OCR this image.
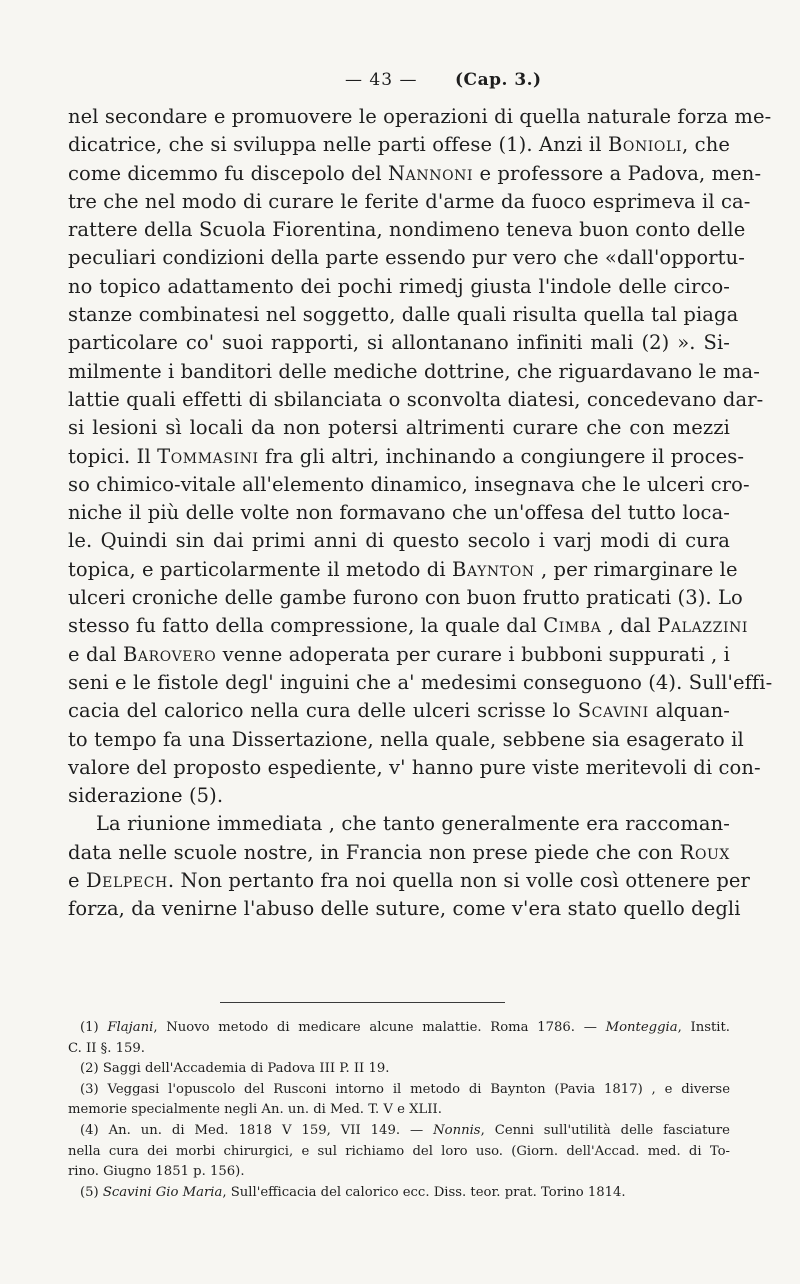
— 43 — (Cap. 3.)
nel secondare e promuovere le operazioni di quella naturale forza me-
dicatrice, che si sviluppa nelle parti offese (1). Anzi il Bonioli, che
come dicemmo fu discepolo del Nannoni e professore a Padova, men-
tre che nel modo di curare le ferite d'arme da fuoco esprimeva il ca-
rattere della Scuola Fiorentina, nondimeno teneva buon conto delle
peculiari condizioni della parte essendo pur vero che «dall'opportu-
no topico adattamento dei pochi rimedj giusta l'indole delle circo-
stanze combinatesi nel soggetto, dalle quali risulta quella tal piaga
particolare co' suoi rapporti, si allontanano infiniti mali (2) ». Si-
milmente i banditori delle mediche dottrine, che riguardavano le ma-
lattie quali effetti di sbilanciata o sconvolta diatesi, concedevano dar-
si lesioni sì locali da non potersi altrimenti curare che con mezzi
topici. Il Tommasini fra gli altri, inchinando a congiungere il proces-
so chimico-vitale all'elemento dinamico, insegnava che le ulceri cro-
niche il più delle volte non formavano che un'offesa del tutto loca-
le. Quindi sin dai primi anni di questo secolo i varj modi di cura
topica, e particolarmente il metodo di Baynton , per rimarginare le
ulceri croniche delle gambe furono con buon frutto praticati (3). Lo
stesso fu fatto della compressione, la quale dal Cimba , dal Palazzini
e dal Barovero venne adoperata per curare i bubboni suppurati , i
seni e le fistole degl' inguini che a' medesimi conseguono (4). Sull'effi-
cacia del calorico nella cura delle ulceri scrisse lo Scavini alquan-
to tempo fa una Dissertazione, nella quale, sebbene sia esagerato il
valore del proposto espediente, v' hanno pure viste meritevoli di con-
siderazione (5).
La riunione immediata , che tanto generalmente era raccoman-
data nelle scuole nostre, in Francia non prese piede che con Roux
e Delpech. Non pertanto fra noi quella non si volle così ottenere per
forza, da venirne l'abuso delle suture, come v'era stato quello degli
(1) Flajani, Nuovo metodo di medicare alcune malattie. Roma 1786. — Monteggia, Instit.
C. II §. 159.
(2) Saggi dell'Accademia di Padova III P. II 19.
(3) Veggasi l'opuscolo del Rusconi intorno il metodo di Baynton (Pavia 1817) , e diverse
memorie specialmente negli An. un. di Med. T. V e XLII.
(4) An. un. di Med. 1818 V 159, VII 149. — Nonnis, Cenni sull'utilità delle fasciature
nella cura dei morbi chirurgici, e sul richiamo del loro uso. (Giorn. dell'Accad. med. di To-
rino. Giugno 1851 p. 156).
(5) Scavini Gio Maria, Sull'efficacia del calorico ecc. Diss. teor. prat. Torino 1814.
